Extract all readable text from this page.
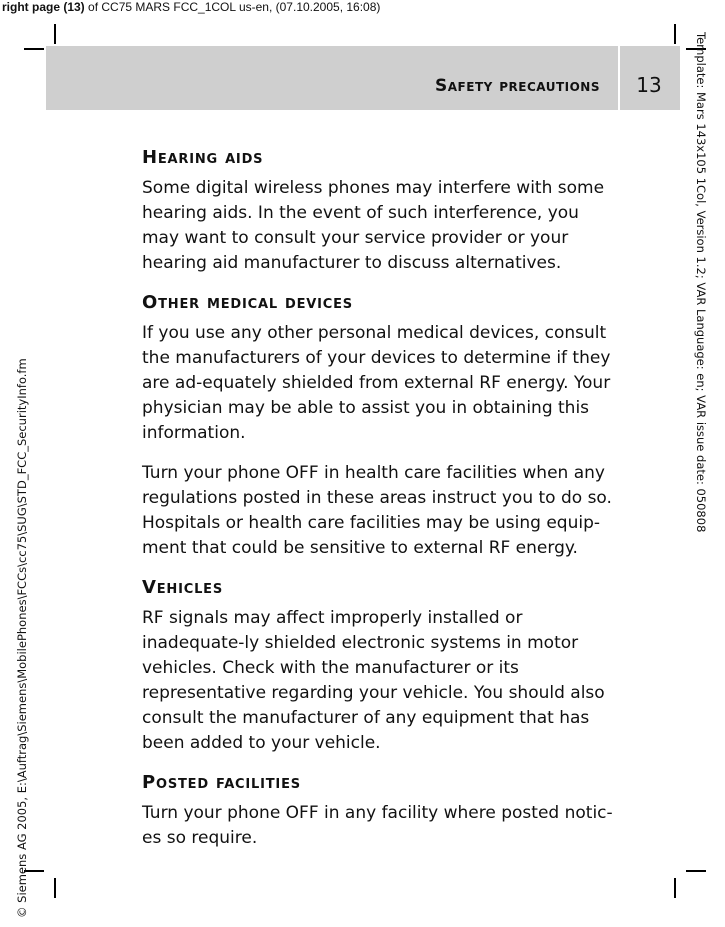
right page (13) of CC75 MARS FCC_1COL us-en, (07.10.2005, 16:08)
Safety precautions	13
© Siemens AG 2005, E:\Auftrag\Siemens\MobilePhones\FCCs\cc75\SUG\STD_FCC_SecurityInfo.fm
Template: Mars 143x105 1Col, Version 1.2; VAR Language: en; VAR issue date: 050808
Hearing aids

Some digital wireless phones may interfere with some hearing aids. In the event of such interference, you may want to consult your service provider or your hearing aid manufacturer to discuss alternatives.

Other medical devices

If you use any other personal medical devices, consult the manufacturers of your devices to determine if they are ad-equately shielded from external RF energy. Your physician may be able to assist you in obtaining this information.

Turn your phone OFF in health care facilities when any regulations posted in these areas instruct you to do so. Hospitals or health care facilities may be using equip-ment that could be sensitive to external RF energy.

Vehicles

RF signals may affect improperly installed or inadequate-ly shielded electronic systems in motor vehicles. Check with the manufacturer or its representative regarding your vehicle. You should also consult the manufacturer of any equipment that has been added to your vehicle.

Posted facilities

Turn your phone OFF in any facility where posted notic-es so require.
